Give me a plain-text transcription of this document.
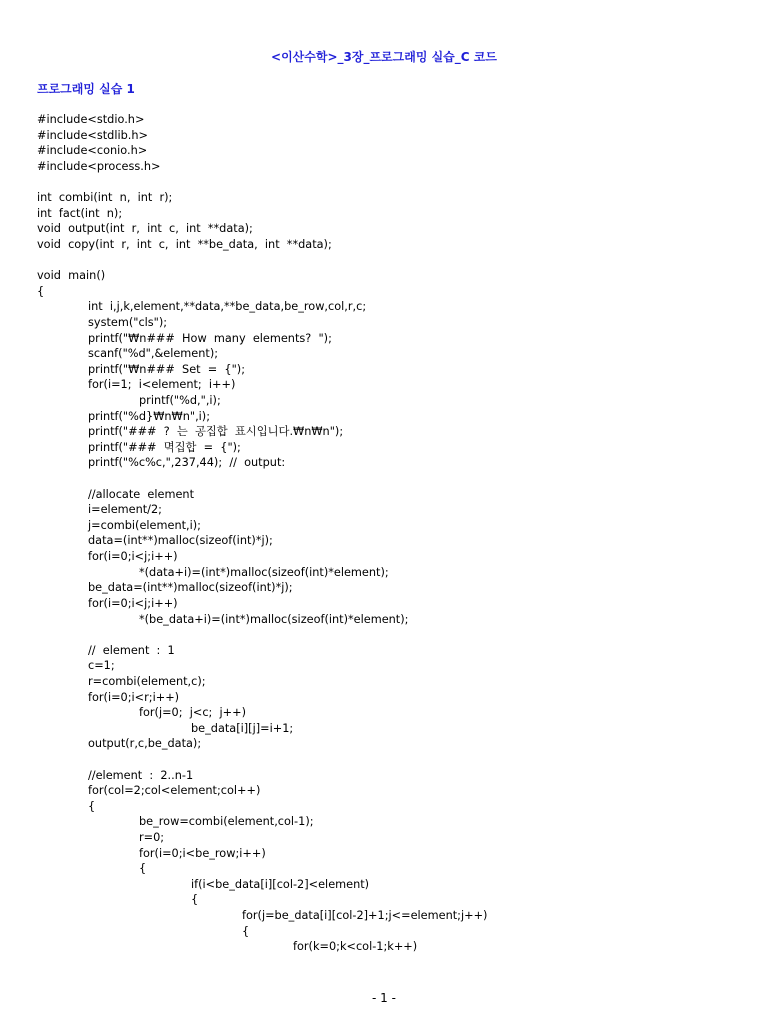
<이산수학>_3장_프로그래밍 실습_C 코드
프로그래밍 실습 1
#include<stdio.h>
#include<stdlib.h>
#include<conio.h>
#include<process.h>
int  combi(int  n,  int  r);
int  fact(int  n);
void  output(int  r,  int  c,  int  **data);
void  copy(int  r,  int  c,  int  **be_data,  int  **data);
void  main()
{
int  i,j,k,element,**data,**be_data,be_row,col,r,c;
system("cls");
printf("₩n###  How  many  elements?  ");
scanf("%d",&element);
printf("₩n###  Set  =  {");
for(i=1;  i<element;  i++)
printf("%d,",i);
printf("%d}₩n₩n",i);
printf("###  ?  는  공집합  표시입니다.₩n₩n");
printf("###  멱집합  =  {");
printf("%c%c,",237,44);  //  output:
//allocate  element
i=element/2;
j=combi(element,i);
data=(int**)malloc(sizeof(int)*j);
for(i=0;i<j;i++)
*(data+i)=(int*)malloc(sizeof(int)*element);
be_data=(int**)malloc(sizeof(int)*j);
for(i=0;i<j;i++)
*(be_data+i)=(int*)malloc(sizeof(int)*element);
//  element  :  1
c=1;
r=combi(element,c);
for(i=0;i<r;i++)
for(j=0;  j<c;  j++)
be_data[i][j]=i+1;
output(r,c,be_data);
//element  :  2..n-1
for(col=2;col<element;col++)
{
be_row=combi(element,col-1);
r=0;
for(i=0;i<be_row;i++)
{
if(i<be_data[i][col-2]<element)
{
for(j=be_data[i][col-2]+1;j<=element;j++)
{
for(k=0;k<col-1;k++)
- 1 -
